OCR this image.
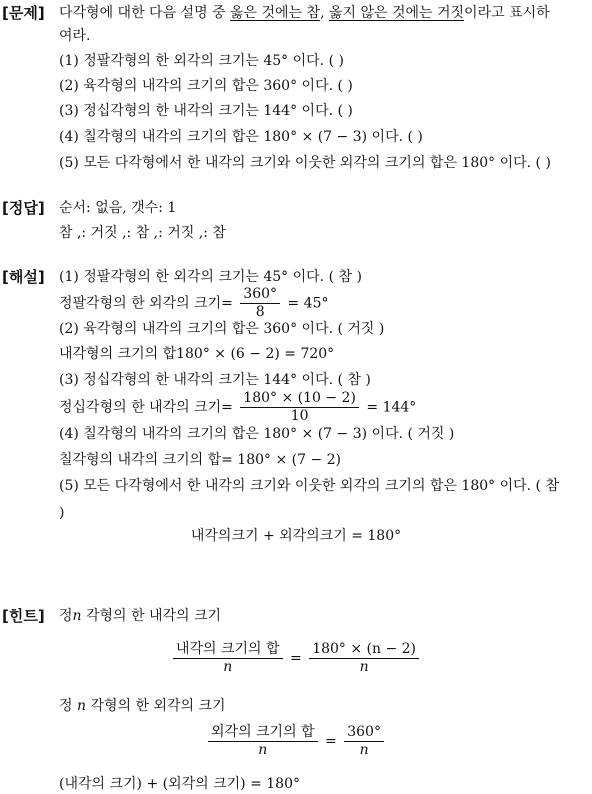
[문제] 다각형에 대한 다음 설명 중 옳은 것에는 참, 옳지 않은 것에는 거짓이라고 표시하
여라.
(1) 정팔각형의 한 외각의 크기는 45° 이다. ( )
(2) 육각형의 내각의 크기의 합은 360° 이다. ( )
(3) 정십각형의 한 내각의 크기는 144° 이다. ( )
(4) 칠각형의 내각의 크기의 합은 180° × (7 − 3) 이다. ( )
(5) 모든 다각형에서 한 내각의 크기와 이웃한 외각의 크기의 합은 180° 이다. ( )
[정답] 순서: 없음, 갯수: 1
참 ,: 거짓 ,: 참 ,: 거짓 ,: 참
[해설] (1) 정팔각형의 한 외각의 크기는 45° 이다. ( 참 )
정팔각형의 한 외각의 크기= $\frac{360^\circ}{8} = 45^\circ$
(2) 육각형의 내각의 크기의 합은 360° 이다. ( 거짓 )
내각형의 크기의 합180° × (6 − 2) = 720°
(3) 정십각형의 한 내각의 크기는 144° 이다. ( 참 )
정십각형의 한 내각의 크기= $\frac{180^\circ \times (10 - 2)}{10} = 144^\circ$
(4) 칠각형의 내각의 크기의 합은 180° × (7 − 3) 이다. ( 거짓 )
칠각형의 내각의 크기의 합= 180° × (7 − 2)
(5) 모든 다각형에서 한 내각의 크기와 이웃한 외각의 크기의 합은 180° 이다. ( 참
)
내각의크기 + 외각의크기 = 180°
[힌트] 정n 각형의 한 내각의 크기
$\frac{\text{내각의 크기의 합}}{n} = \frac{180^\circ \times (n - 2)}{n}$
정 n 각형의 한 외각의 크기
$\frac{\text{외각의 크기의 합}}{n} = \frac{360^\circ}{n}$
(내각의 크기) + (외각의 크기) = 180°
